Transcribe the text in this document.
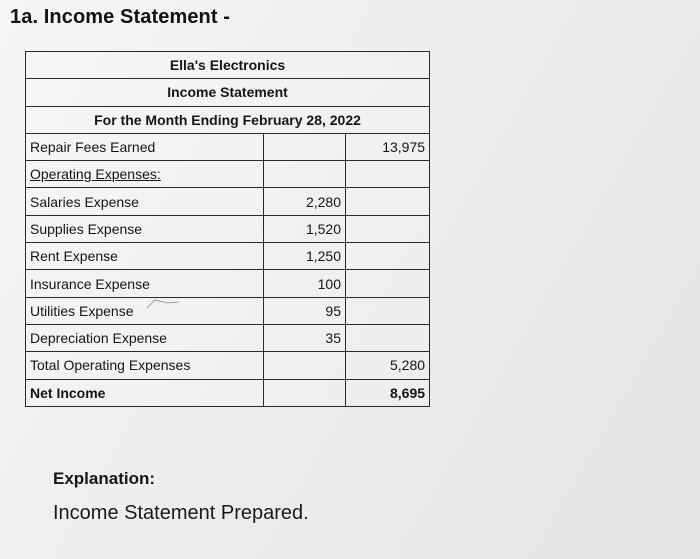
1a. Income Statement -
Ella's Electronics		
Income Statement		
For the Month Ending February 28, 2022		
Repair Fees Earned		13,975
Operating Expenses:		
Salaries Expense	2,280	
Supplies Expense	1,520	
Rent Expense	1,250	
Insurance Expense	100	
Utilities Expense	95	
Depreciation Expense	35	
Total Operating Expenses		5,280
Net Income		8,695
Explanation:
Income Statement Prepared.
